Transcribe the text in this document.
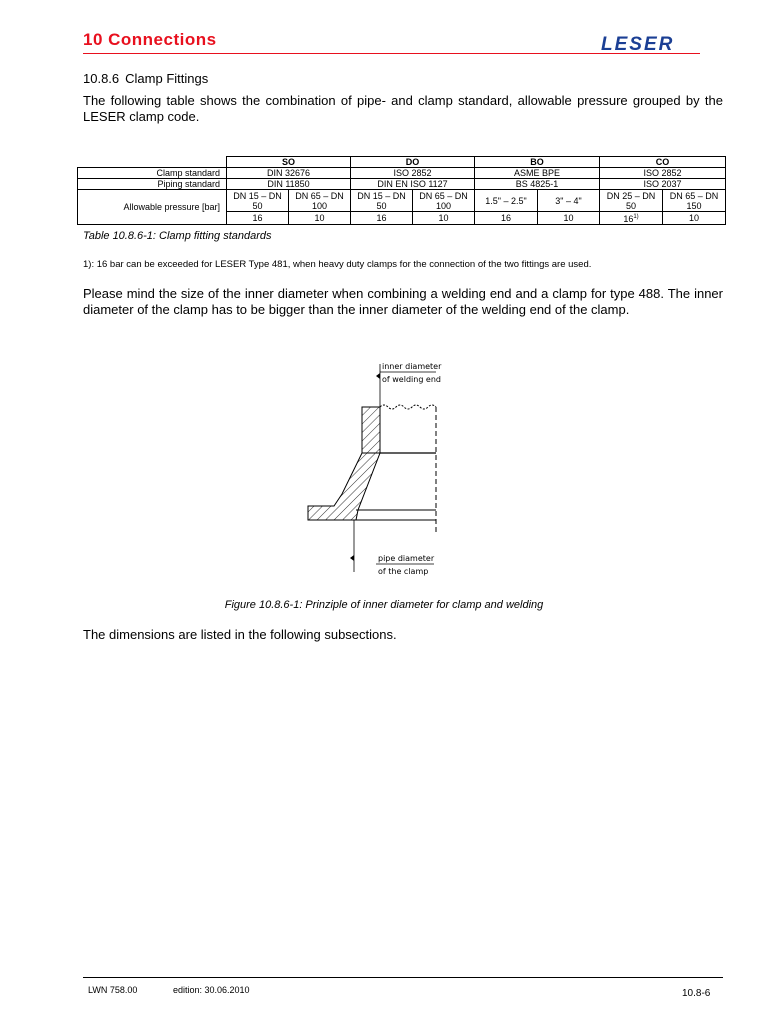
10 Connections	LESER
10.8.6 Clamp Fittings
The following table shows the combination of pipe- and clamp standard, allowable pressure grouped by the LESER clamp code.
	SO		DO		BO		CO	
Clamp standard	DIN 32676		ISO 2852		ASME BPE		ISO 2852	
Piping standard	DIN 11850		DIN EN ISO 1127		BS 4825-1		ISO 2037	
Allowable pressure [bar]	DN 15 – DN 50	DN 65 – DN 100	DN 15 – DN 50	DN 65 – DN 100	1.5" – 2.5"	3" – 4"	DN 25 – DN 50	DN 65 – DN 150
	16	10	16	10	16	10	16$^{1)}$	10
Table 10.8.6-1: Clamp fitting standards
1): 16 bar can be exceeded for LESER Type 481, when heavy duty clamps for the connection of the two fittings are used.
Please mind the size of the inner diameter when combining a welding end and a clamp for type 488. The inner diameter of the clamp has to be bigger than the inner diameter of the welding end of the clamp.
inner diameter
of welding end
pipe diameter
of the clamp
Figure 10.8.6-1: Prinziple of inner diameter for clamp and welding
The dimensions are listed in the following subsections.
LWN 758.00	edition: 30.06.2010	10.8-6
